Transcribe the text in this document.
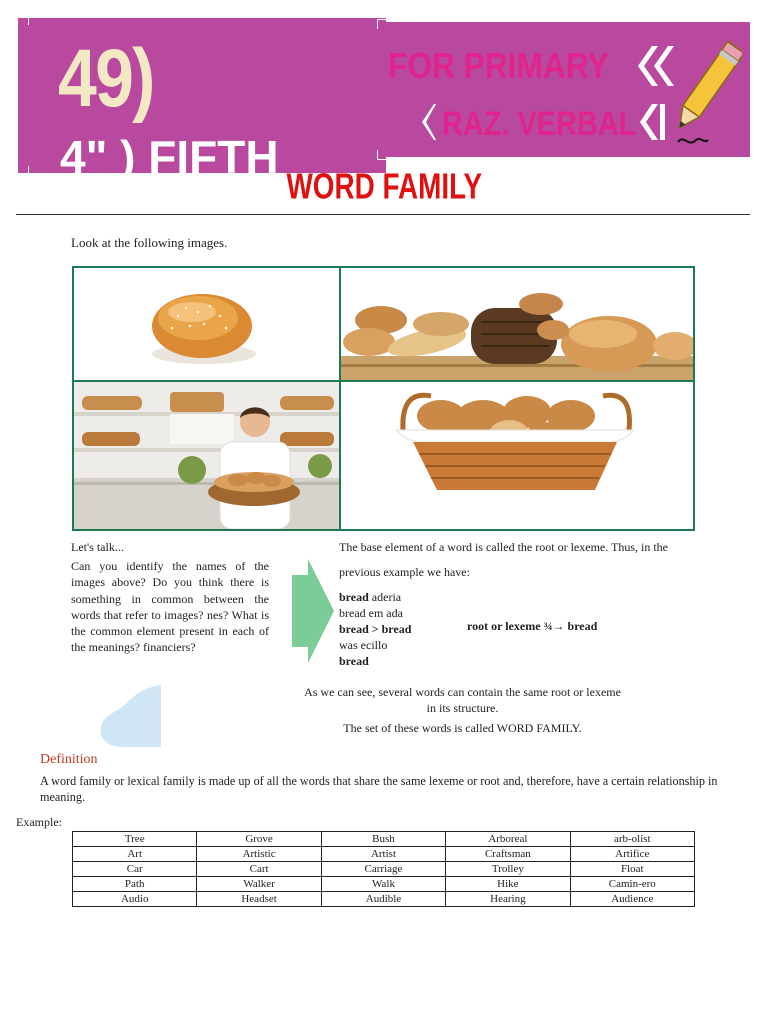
49)
4" ) FIFTH
FOR PRIMARY
RAZ. VERBAL
WORD FAMILY
Look at the following images.
Let's talk...
Can you identify the names of the images above? Do you think there is something in common between the words that refer to images? nes? What is the common element present in each of the meanings? financiers?
The base element of a word is called the root or lexeme. Thus, in the
previous example we have:
bread aderia
bread em ada
bread > bread
was ecillo
bread
root or lexeme ¾→ bread
As we can see, several words can contain the same root or lexeme in its structure.
The set of these words is called WORD FAMILY.
Definition
A word family or lexical family is made up of all the words that share the same lexeme or root and, therefore, have a certain relationship in meaning.
Example:
Tree	Grove	Bush	Arboreal	arb-olist
Art	Artistic	Artist	Craftsman	Artifice
Car	Cart	Carriage	Trolley	Float
Path	Walker	Walk	Hike	Camin-ero
Audio	Headset	Audible	Hearing	Audience
